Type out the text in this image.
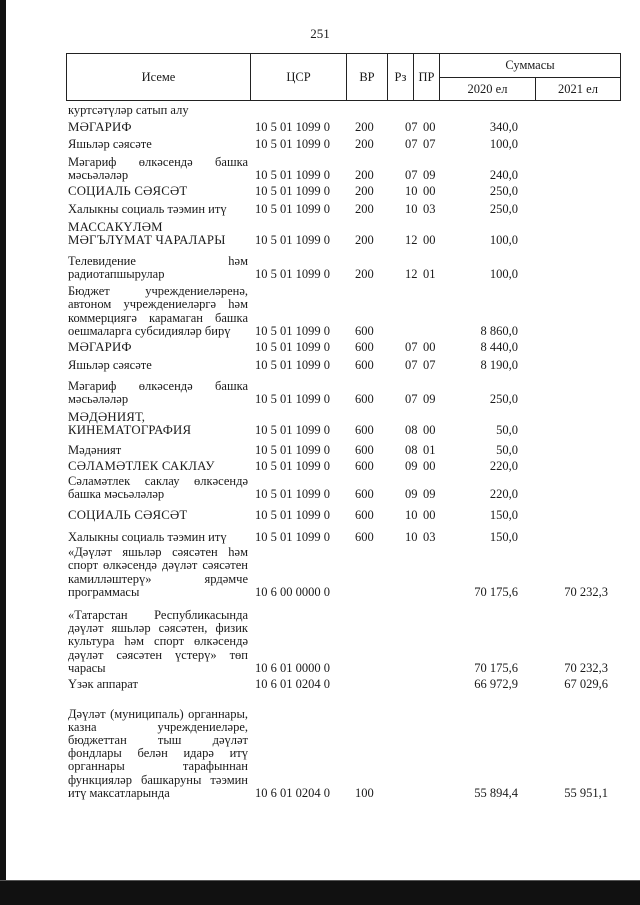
251
Исеме	ЦСР	ВР	Рз ПР
Суммасы
2020 ел	2021 ел
куртсәтүләр сатып алу
МӘГАРИФ	10 5 01 1099 0 200	07 00	340,0
Яшьләр сәясәте	10 5 01 1099 0 200	07 07	100,0
Мәгариф өлкәсендә башка мәсьәләләр	10 5 01 1099 0 200	07 09	240,0
СОЦИАЛЬ СӘЯСӘТ	10 5 01 1099 0 200	10 00	250,0
Халыкны социаль тәэмин итү	10 5 01 1099 0 200	10 03	250,0
МАССАКҮЛӘМ МӘГЪЛҮМАТ ЧАРАЛАРЫ	10 5 01 1099 0 200	12 00	100,0
Телевидение һәм радиотапшырулар	10 5 01 1099 0 200	12 01	100,0
Бюджет учреждениеләренә, автоном учреждениеләргә һәм коммерциягә карамаган башка оешмаларга субсидияләр бирү	10 5 01 1099 0 600	8 860,0
МӘГАРИФ	10 5 01 1099 0 600	07 00	8 440,0
Яшьләр сәясәте	10 5 01 1099 0 600	07 07	8 190,0
Мәгариф өлкәсендә башка мәсьәләләр	10 5 01 1099 0 600	07 09	250,0
МӘДӘНИЯТ, КИНЕМАТОГРАФИЯ	10 5 01 1099 0 600	08 00	50,0
Мәдәният	10 5 01 1099 0 600	08 01	50,0
СӘЛАМӘТЛЕК САКЛАУ	10 5 01 1099 0 600	09 00	220,0
Сәламәтлек саклау өлкәсендә башка мәсьәләләр	10 5 01 1099 0 600	09 09	220,0
СОЦИАЛЬ СӘЯСӘТ	10 5 01 1099 0 600	10 00	150,0
Халыкны социаль тәэмин итү	10 5 01 1099 0 600	10 03	150,0
«Дәүләт яшьләр сәясәтен һәм спорт өлкәсендә дәүләт сәясәтен камилләштерү» ярдәмче программасы	10 6 00 0000 0	70 175,6	70 232,3
«Татарстан Республикасында дәүләт яшьләр сәясәтен, физик культура һәм спорт өлкәсендә дәүләт сәясәтен үстерү» төп чарасы	10 6 01 0000 0	70 175,6	70 232,3
Үзәк аппарат	10 6 01 0204 0	66 972,9	67 029,6
Дәүләт (муниципаль) органнары, казна учреждениеләре, бюджеттан тыш дәүләт фондлары белән идарә итү органнары тарафыннан функцияләр башкаруны тәэмин итү максатларында	10 6 01 0204 0 100	55 894,4	55 951,1
